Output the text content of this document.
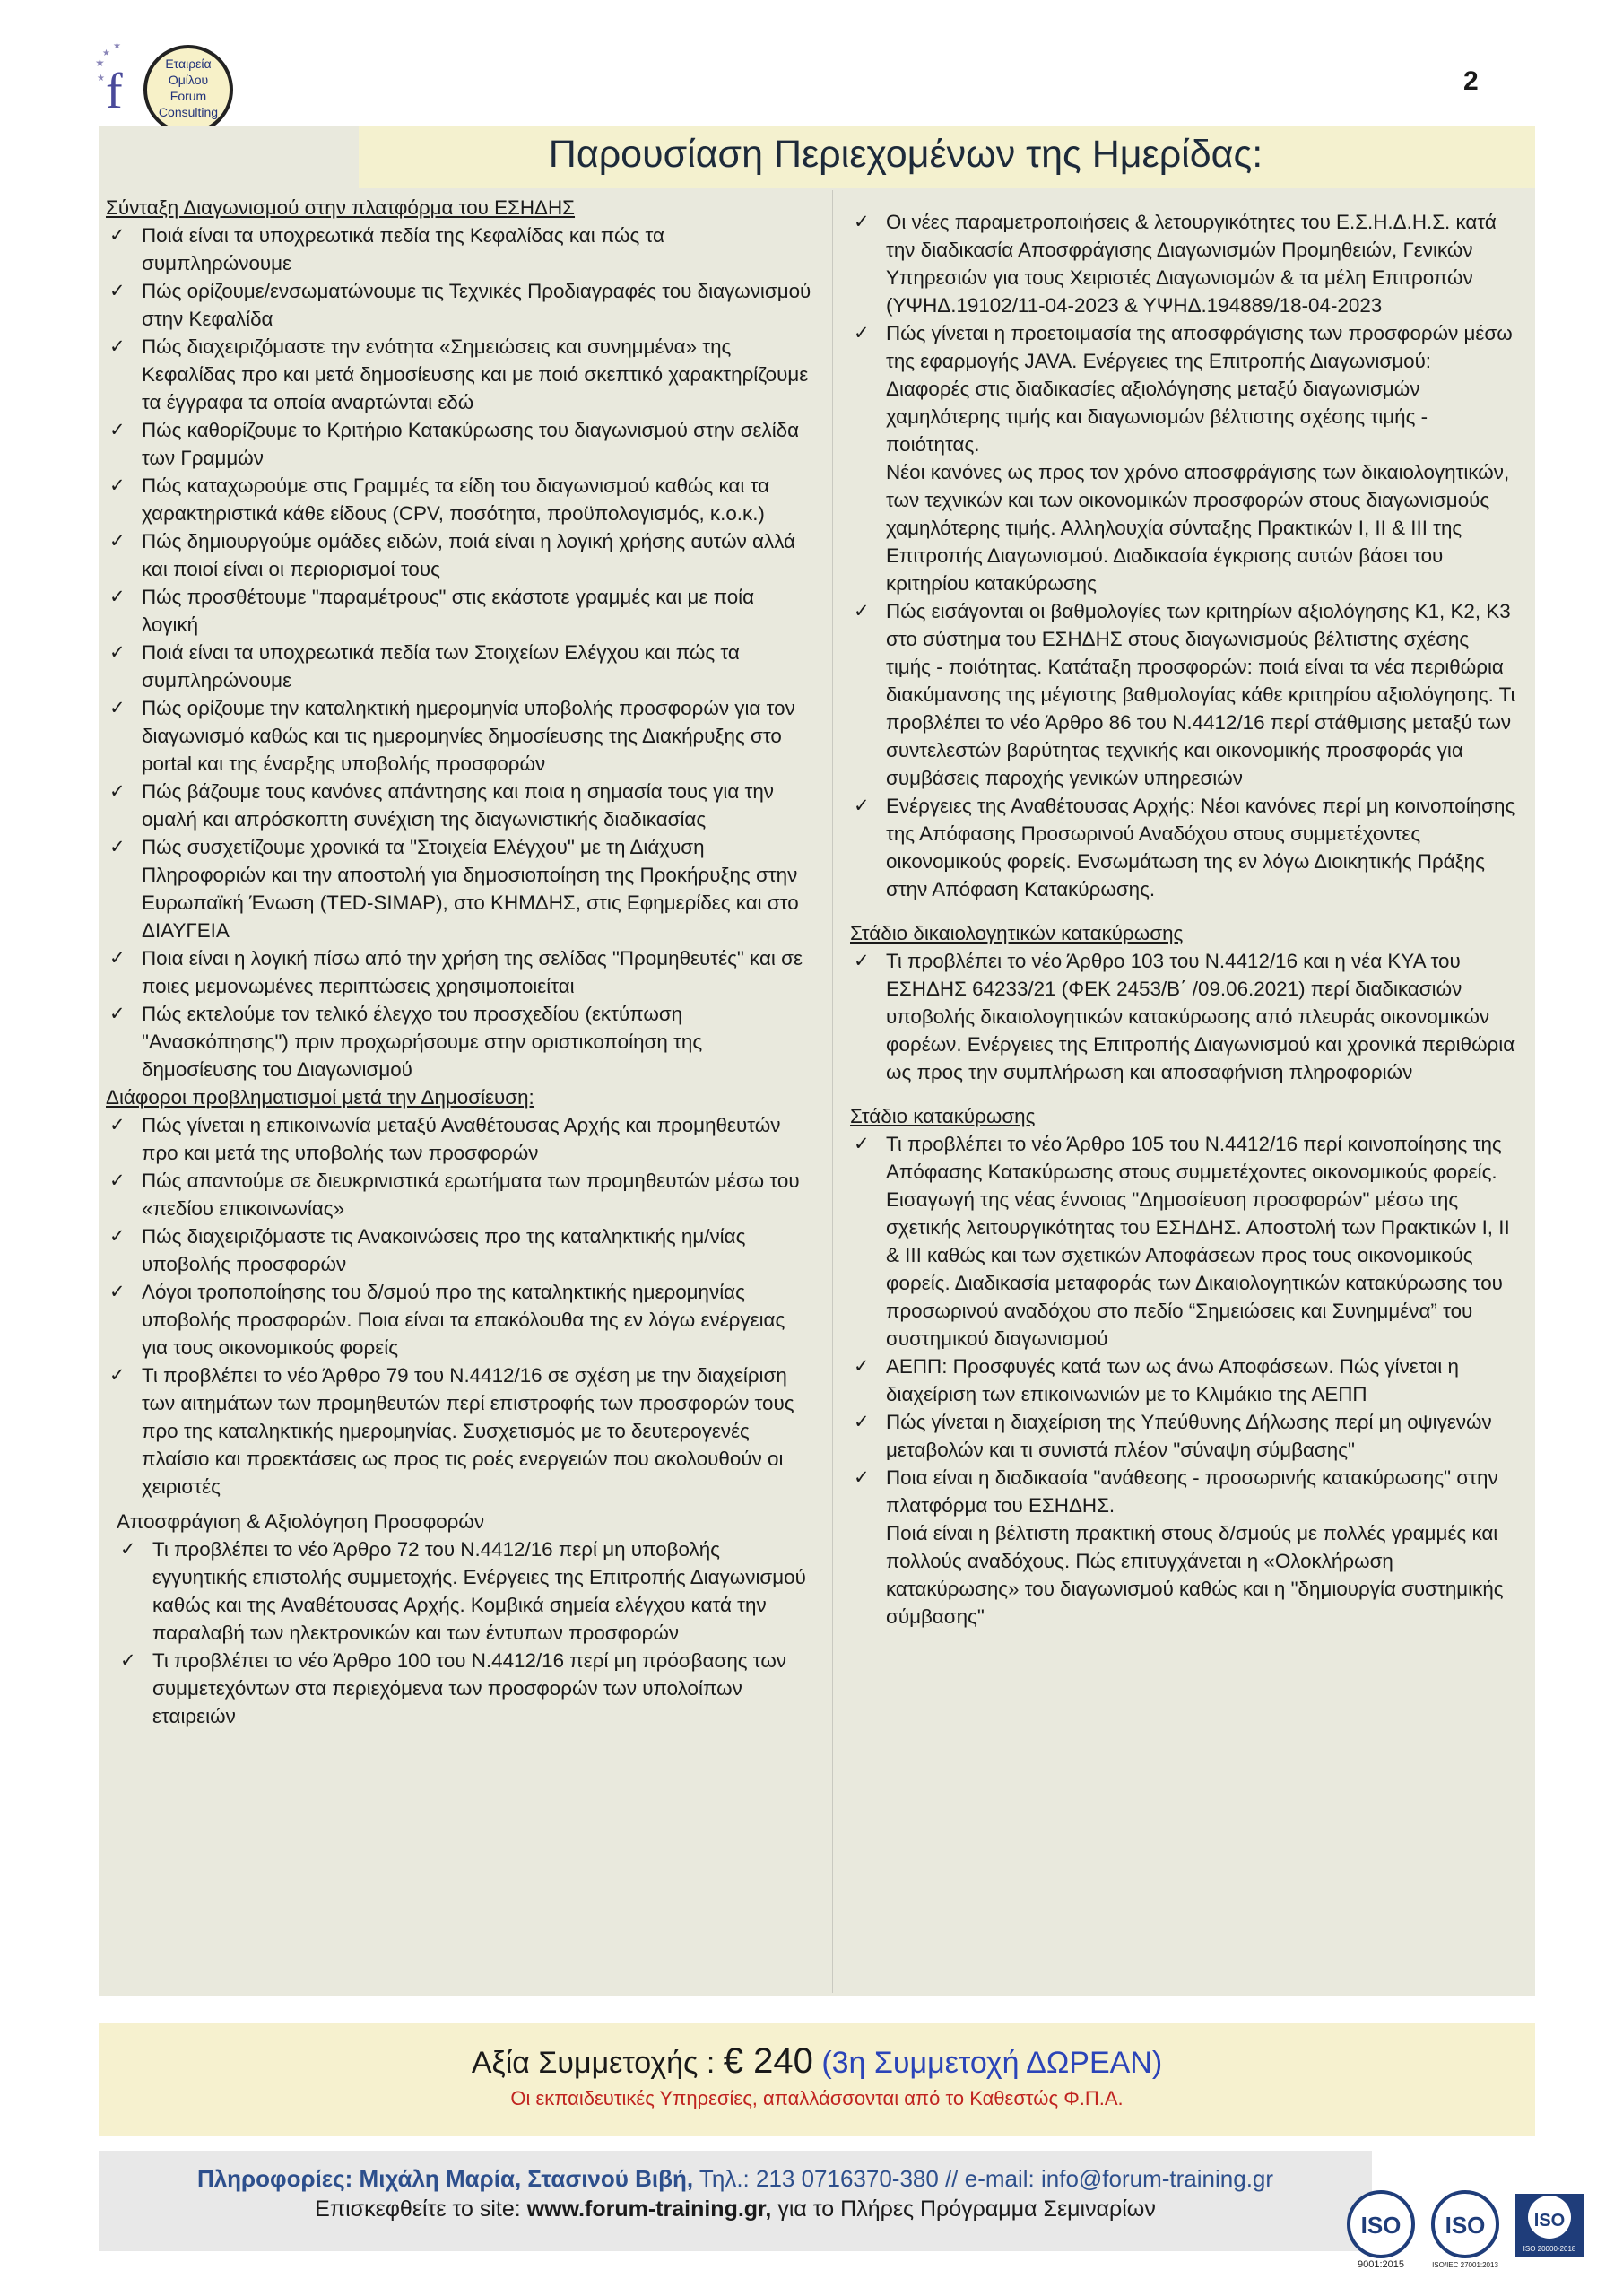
★
★
★
★ f	Εταιρεία
Ομίλου
Forum
Consulting
2
Παρουσίαση Περιεχομένων της Ημερίδας:

Σύνταξη Διαγωνισμού στην πλατφόρμα του ΕΣΗΔΗΣ

✓ Ποιά είναι τα υποχρεωτικά πεδία της Κεφαλίδας και πώς τα συμπληρώνουμε

✓ Πώς ορίζουμε/ενσωματώνουμε τις Τεχνικές Προδιαγραφές του διαγωνισμού στην Κεφαλίδα

✓ Πώς διαχειριζόμαστε την ενότητα «Σημειώσεις και συνημμένα» της Κεφαλίδας προ και μετά δημοσίευσης και με ποιό σκεπτικό χαρακτηρίζουμε τα έγγραφα τα οποία αναρτώνται εδώ

✓ Πώς καθορίζουμε το Κριτήριο Κατακύρωσης του διαγωνισμού στην σελίδα των Γραμμών

✓ Πώς καταχωρούμε στις Γραμμές τα είδη του διαγωνισμού καθώς και τα χαρακτηριστικά κάθε είδους (CPV, ποσότητα, προϋπολογισμός, κ.ο.κ.)

✓ Πώς δημιουργούμε ομάδες ειδών, ποιά είναι η λογική χρήσης αυτών αλλά και ποιοί είναι οι περιορισμοί τους

✓ Πώς προσθέτουμε "παραμέτρους" στις εκάστοτε γραμμές και με ποία λογική

✓ Ποιά είναι τα υποχρεωτικά πεδία των Στοιχείων Ελέγχου και πώς τα συμπληρώνουμε

✓ Πώς ορίζουμε την καταληκτική ημερομηνία υποβολής προσφορών για τον διαγωνισμό καθώς και τις ημερομηνίες δημοσίευσης της Διακήρυξης στο portal και της έναρξης υποβολής προσφορών

✓ Πώς βάζουμε τους κανόνες απάντησης και ποια η σημασία τους για την ομαλή και απρόσκοπτη συνέχιση της διαγωνιστικής διαδικασίας

✓ Πώς συσχετίζουμε χρονικά τα "Στοιχεία Ελέγχου" με τη Διάχυση Πληροφοριών και την αποστολή για δημοσιοποίηση της Προκήρυξης στην Ευρωπαϊκή Ένωση (TED-SIMAP), στο ΚΗΜΔΗΣ, στις Εφημερίδες και στο ΔΙΑΥΓΕΙΑ

✓ Ποια είναι η λογική πίσω από την χρήση της σελίδας "Προμηθευτές" και σε ποιες μεμονωμένες περιπτώσεις χρησιμοποιείται

✓ Πώς εκτελούμε τον τελικό έλεγχο του προσχεδίου (εκτύπωση "Ανασκόπησης") πριν προχωρήσουμε στην οριστικοποίηση της δημοσίευσης του Διαγωνισμού

Διάφοροι προβληματισμοί μετά την Δημοσίευση:

✓ Πώς γίνεται η επικοινωνία μεταξύ Αναθέτουσας Αρχής και προμηθευτών προ και μετά της υποβολής των προσφορών

✓ Πώς απαντούμε σε διευκρινιστικά ερωτήματα των προμηθευτών μέσω του «πεδίου επικοινωνίας»

✓ Πώς διαχειριζόμαστε τις Ανακοινώσεις προ της καταληκτικής ημ/νίας υποβολής προσφορών

✓ Λόγοι τροποποίησης του δ/σμού προ της καταληκτικής ημερομηνίας υποβολής προσφορών. Ποια είναι τα επακόλουθα της εν λόγω ενέργειας για τους οικονομικούς φορείς

✓ Τι προβλέπει το νέο Άρθρο 79 του Ν.4412/16 σε σχέση με την διαχείριση των αιτημάτων των προμηθευτών περί επιστροφής των προσφορών τους προ της καταληκτικής ημερομηνίας. Συσχετισμός με το δευτερογενές πλαίσιο και προεκτάσεις ως προς τις ροές ενεργειών που ακολουθούν οι χειριστές

Αποσφράγιση & Αξιολόγηση Προσφορών

✓ Τι προβλέπει το νέο Άρθρο 72 του Ν.4412/16 περί μη υποβολής εγγυητικής επιστολής συμμετοχής. Ενέργειες της Επιτροπής Διαγωνισμού καθώς και της Αναθέτουσας Αρχής. Κομβικά σημεία ελέγχου κατά την παραλαβή των ηλεκτρονικών και των έντυπων προσφορών

✓ Τι προβλέπει το νέο Άρθρο 100 του Ν.4412/16 περί μη πρόσβασης των συμμετεχόντων στα περιεχόμενα των προσφορών των υπολοίπων εταιρειών

✓ Οι νέες παραμετροποιήσεις & λετουργικότητες του Ε.Σ.Η.Δ.Η.Σ. κατά την διαδικασία Αποσφράγισης Διαγωνισμών Προμηθειών, Γενικών Υπηρεσιών για τους Χειριστές Διαγωνισμών & τα μέλη Επιτροπών (ΥΨΗΔ.19102/11-04-2023 & ΥΨΗΔ.194889/18-04-2023

✓ Πώς γίνεται η προετοιμασία της αποσφράγισης των προσφορών μέσω της εφαρμογής JAVA. Ενέργειες της Επιτροπής Διαγωνισμού: Διαφορές στις διαδικασίες αξιολόγησης μεταξύ διαγωνισμών χαμηλότερης τιμής και διαγωνισμών βέλτιστης σχέσης τιμής - ποιότητας.

Νέοι κανόνες ως προς τον χρόνο αποσφράγισης των δικαιολογητικών, των τεχνικών και των οικονομικών προσφορών στους διαγωνισμούς χαμηλότερης τιμής. Αλληλουχία σύνταξης Πρακτικών Ι, ΙΙ & ΙΙΙ της Επιτροπής Διαγωνισμού. Διαδικασία έγκρισης αυτών βάσει του κριτηρίου κατακύρωσης

✓ Πώς εισάγονται οι βαθμολογίες των κριτηρίων αξιολόγησης Κ1, Κ2, Κ3 στο σύστημα του ΕΣΗΔΗΣ στους διαγωνισμούς βέλτιστης σχέσης τιμής - ποιότητας. Κατάταξη προσφορών: ποιά είναι τα νέα περιθώρια διακύμανσης της μέγιστης βαθμολογίας κάθε κριτηρίου αξιολόγησης. Τι προβλέπει το νέο Άρθρο 86 του Ν.4412/16 περί στάθμισης μεταξύ των συντελεστών βαρύτητας τεχνικής και οικονομικής προσφοράς για συμβάσεις παροχής γενικών υπηρεσιών

✓ Ενέργειες της Αναθέτουσας Αρχής: Νέοι κανόνες περί μη κοινοποίησης της Απόφασης Προσωρινού Αναδόχου στους συμμετέχοντες οικονομικούς φορείς. Ενσωμάτωση της εν λόγω Διοικητικής Πράξης στην Απόφαση Κατακύρωσης.

Στάδιο δικαιολογητικών κατακύρωσης

✓ Τι προβλέπει το νέο Άρθρο 103 του Ν.4412/16 και η νέα ΚΥΑ του ΕΣΗΔΗΣ 64233/21 (ΦΕΚ 2453/Β΄ /09.06.2021) περί διαδικασιών υποβολής δικαιολογητικών κατακύρωσης από πλευράς οικονομικών φορέων. Ενέργειες της Επιτροπής Διαγωνισμού και χρονικά περιθώρια ως προς την συμπλήρωση και αποσαφήνιση πληροφοριών

Στάδιο κατακύρωσης

✓ Τι προβλέπει το νέο Άρθρο 105 του Ν.4412/16 περί κοινοποίησης της Απόφασης Κατακύρωσης στους συμμετέχοντες οικονομικούς φορείς. Εισαγωγή της νέας έννοιας "Δημοσίευση προσφορών" μέσω της σχετικής λειτουργικότητας του ΕΣΗΔΗΣ. Αποστολή των Πρακτικών Ι, ΙΙ & ΙΙΙ καθώς και των σχετικών Αποφάσεων προς τους οικονομικούς φορείς. Διαδικασία μεταφοράς των Δικαιολογητικών κατακύρωσης του προσωρινού αναδόχου στο πεδίο “Σημειώσεις και Συνημμένα” του συστημικού διαγωνισμού

✓ ΑΕΠΠ: Προσφυγές κατά των ως άνω Αποφάσεων. Πώς γίνεται η διαχείριση των επικοινωνιών με το Κλιμάκιο της ΑΕΠΠ

✓ Πώς γίνεται η διαχείριση της Υπεύθυνης Δήλωσης περί μη οψιγενών μεταβολών και τι συνιστά πλέον "σύναψη σύμβασης"

✓ Ποια είναι η διαδικασία "ανάθεσης - προσωρινής κατακύρωσης" στην πλατφόρμα του ΕΣΗΔΗΣ.

Ποιά είναι η βέλτιστη πρακτική στους δ/σμούς με πολλές γραμμές και πολλούς αναδόχους. Πώς επιτυγχάνεται η «Ολοκλήρωση κατακύρωσης» του διαγωνισμού καθώς και η "δημιουργία συστημικής σύμβασης"

Αξία Συμμετοχής : € 240 (3η Συμμετοχή ΔΩΡΕΑΝ)
Οι εκπαιδευτικές Υπηρεσίες, απαλλάσσονται από το Καθεστώς Φ.Π.Α.
Πληροφορίες: Μιχάλη Μαρία, Στασινού Βιβή, Τηλ.: 213 0716370-380 // e-mail: info@forum-training.gr
Επισκεφθείτε το site: www.forum-training.gr, για το Πλήρες Πρόγραμμα Σεμιναρίων
ISO
9001:2015
ISO
ISO/IEC 27001:2013
ISO
ISO 20000-2018
